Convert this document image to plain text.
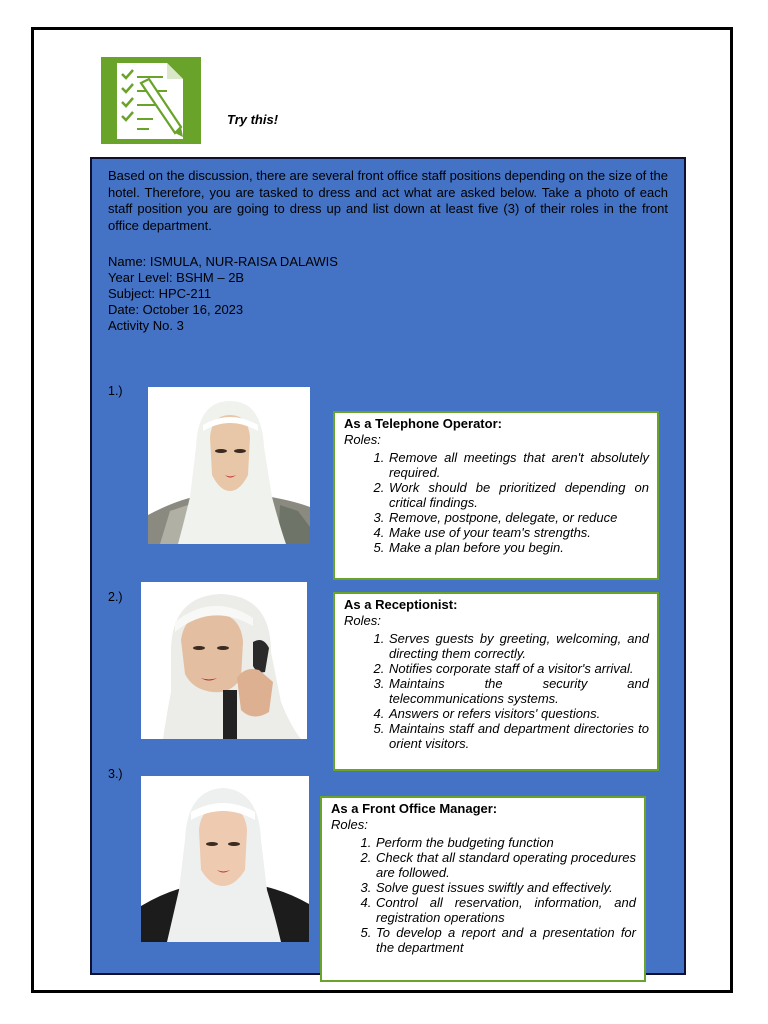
Try this!

Based on the discussion, there are several front office staff positions depending on the size of the hotel. Therefore, you are tasked to dress and act what are asked below. Take a photo of each staff position you are going to dress up and list down at least five (3) of their roles in the front office department.

Name: ISMULA, NUR-RAISA DALAWIS
Year Level: BSHM – 2B
Subject: HPC-211
Date: October 16, 2023
Activity No. 3
1.)
As a Telephone Operator:
Roles:
1. Remove all meetings that aren't absolutely required.
2. Work should be prioritized depending on critical findings.
3. Remove, postpone, delegate, or reduce
4. Make use of your team's strengths.
5. Make a plan before you begin.
2.)	As a Receptionist:
Roles:
1. Serves guests by greeting, welcoming, and directing them correctly.
2. Notifies corporate staff of a visitor's arrival.
3. Maintains the security and telecommunications systems.
4. Answers or refers visitors' questions.
5. Maintains staff and department directories to orient visitors.
3.)
As a Front Office Manager:
Roles:
1. Perform the budgeting function
2. Check that all standard operating procedures are followed.
3. Solve guest issues swiftly and effectively.
4. Control all reservation, information, and registration operations
5. To develop a report and a presentation for the department
